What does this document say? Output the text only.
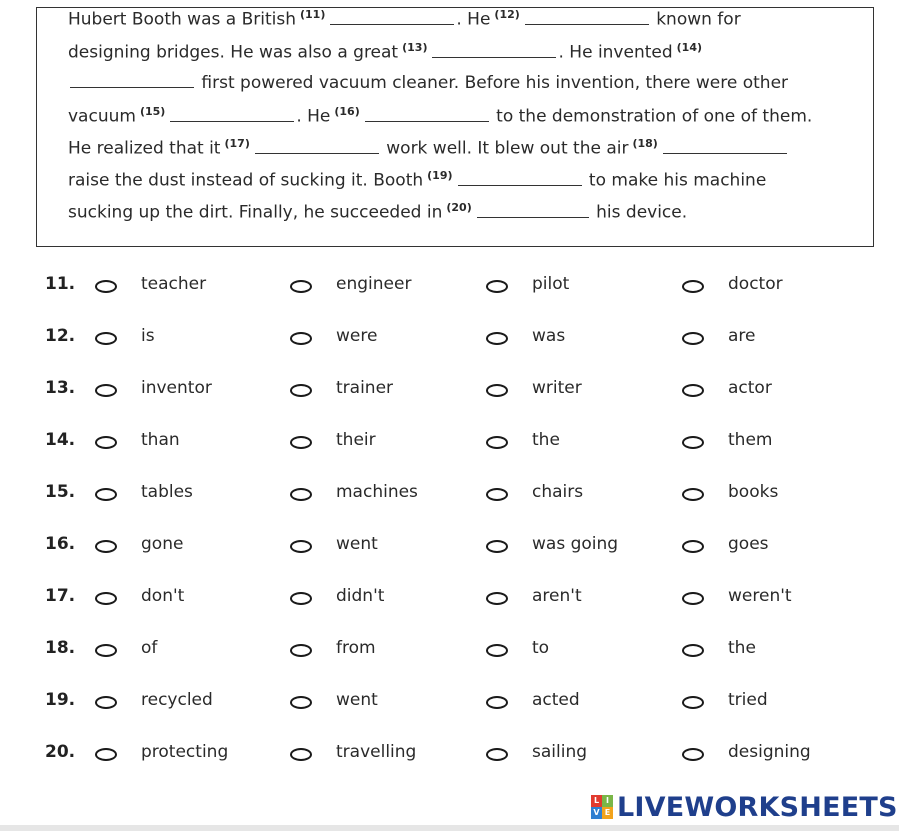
Hubert Booth was a British $^{(11)}$	. He $^{(12)}$	known for
designing bridges. He was also a great $^{(13)}$	. He invented $^{(14)}$
first powered vacuum cleaner. Before his invention, there were other
vacuum $^{(15)}$	. He $^{(16)}$	to the demonstration of one of them.
He realized that it $^{(17)}$	work well. It blew out the air $^{(18)}$
raise the dust instead of sucking it. Booth $^{(19)}$	to make his machine
sucking up the dirt. Finally, he succeeded in $^{(20)}$	his device.
11.	teacher	engineer	pilot	doctor
12.	is	were	was	are
13.	inventor	trainer	writer	actor
14.	than	their	the	them
15.	tables	machines	chairs	books
16.	gone	went	was going	goes
17.	don't	didn't	aren't	weren't
18.	of	from	to	the
19.	recycled	went	acted	tried
20.	protecting	travelling	sailing	designing
L I
V E LIVEWORKSHEETS
